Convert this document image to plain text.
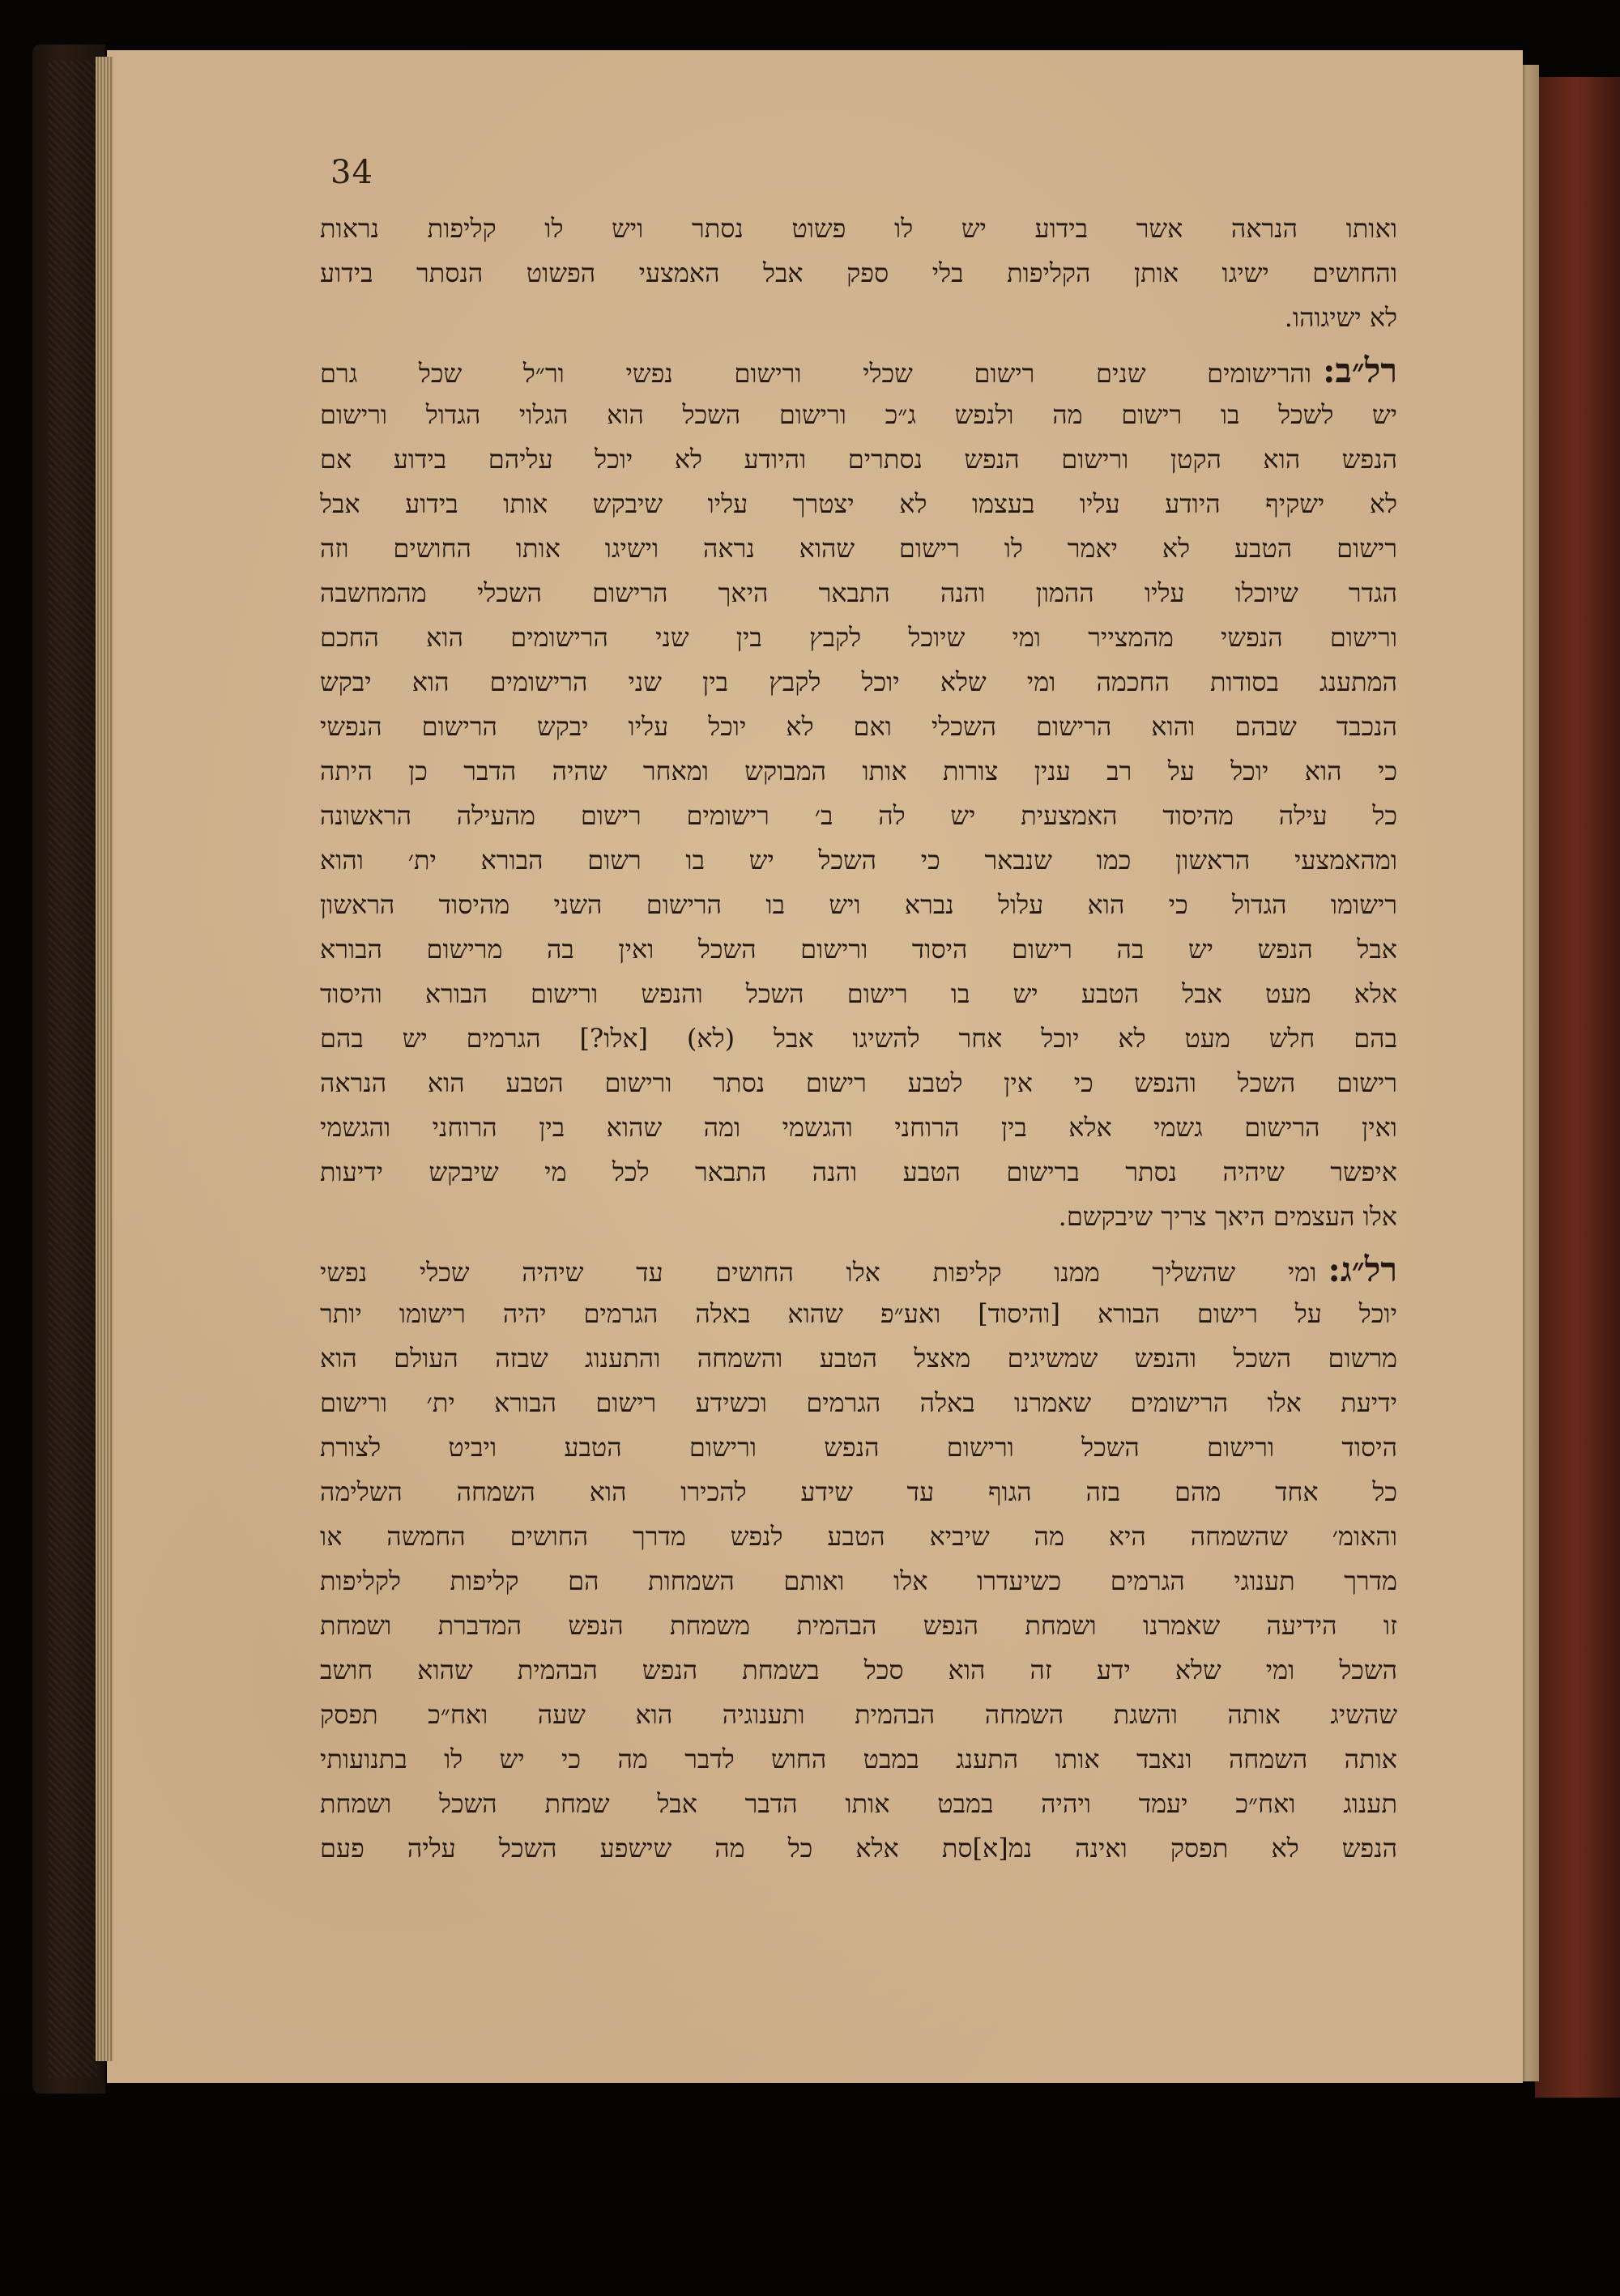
34
ואותו הנראה אשר בידוע יש לו פשוט נסתר ויש לו קליפות נראות
והחושים ישיגו אותן הקליפות בלי ספק אבל האמצעי הפשוט הנסתר בידוע
לא ישיגוהו.
רל״ב:והרישומים שנים רישום שכלי ורישום נפשי ור״ל שכל גרם
יש לשכל בו רישום מה ולנפש ג״כ ורישום השכל הוא הגלוי הגדול ורישום
הנפש הוא הקטן ורישום הנפש נסתרים והיודע לא יוכל עליהם בידוע אם
לא ישקיף היודע עליו בעצמו לא יצטרך עליו שיבקש אותו בידוע אבל
רישום הטבע לא יאמר לו רישום שהוא נראה וישיגו אותו החושים וזה
הגדר שיוכלו עליו ההמון והנה התבאר היאך הרישום השכלי מהמחשבה
ורישום הנפשי מהמצייר ומי שיוכל לקבץ בין שני הרישומים הוא החכם
המתענג בסודות החכמה ומי שלא יוכל לקבץ בין שני הרישומים הוא יבקש
הנכבד שבהם והוא הרישום השכלי ואם לא יוכל עליו יבקש הרישום הנפשי
כי הוא יוכל על רב ענין צורות אותו המבוקש ומאחר שהיה הדבר כן היתה
כל עילה מהיסוד האמצעית יש לה ב׳ רישומים רישום מהעילה הראשונה
ומהאמצעי הראשון כמו שנבאר כי השכל יש בו רשום הבורא ית׳ והוא
רישומו הגדול כי הוא עלול נברא ויש בו הרישום השני מהיסוד הראשון
אבל הנפש יש בה רישום היסוד ורישום השכל ואין בה מרישום הבורא
אלא מעט אבל הטבע יש בו רישום השכל והנפש ורישום הבורא והיסוד
בהם חלש מעט לא יוכל אחר להשיגו אבל (לא) [אלו?] הגרמים יש בהם
רישום השכל והנפש כי אין לטבע רישום נסתר ורישום הטבע הוא הנראה
ואין הרישום גשמי אלא בין הרוחני והגשמי ומה שהוא בין הרוחני והגשמי
איפשר שיהיה נסתר ברישום הטבע והנה התבאר לכל מי שיבקש ידיעות
אלו העצמים היאך צריך שיבקשם.
רל״ג:ומי שהשליך ממנו קליפות אלו החושים עד שיהיה שכלי נפשי
יוכל על רישום הבורא [והיסוד] ואע״פ שהוא באלה הגרמים יהיה רישומו יותר
מרשום השכל והנפש שמשיגים מאצל הטבע והשמחה והתענוג שבזה העולם הוא
ידיעת אלו הרישומים שאמרנו באלה הגרמים וכשידע רישום הבורא ית׳ ורישום
היסוד ורישום השכל ורישום הנפש ורישום הטבע ויביט לצורת
כל אחד מהם בזה הגוף עד שידע להכירו הוא השמחה השלימה
והאומ׳ שהשמחה היא מה שיביא הטבע לנפש מדרך החושים החמשה או
מדרך תענוגי הגרמים כשיעדרו אלו ואותם השמחות הם קליפות לקליפות
זו הידיעה שאמרנו ושמחת הנפש הבהמית משמחת הנפש המדברת ושמחת
השכל ומי שלא ידע זה הוא סכל בשמחת הנפש הבהמית שהוא חושב
שהשיג אותה והשגת השמחה הבהמית ותענוגיה הוא שעה ואח״כ תפסק
אותה השמחה ונאבד אותו התענג במבט החוש לדבר מה כי יש לו בתנועותי
תענוג ואח״כ יעמד ויהיה במבט אותו הדבר אבל שמחת השכל ושמחת
הנפש לא תפסק ואינה נמ[א]סת אלא כל מה שישפע השכל עליה פעם
